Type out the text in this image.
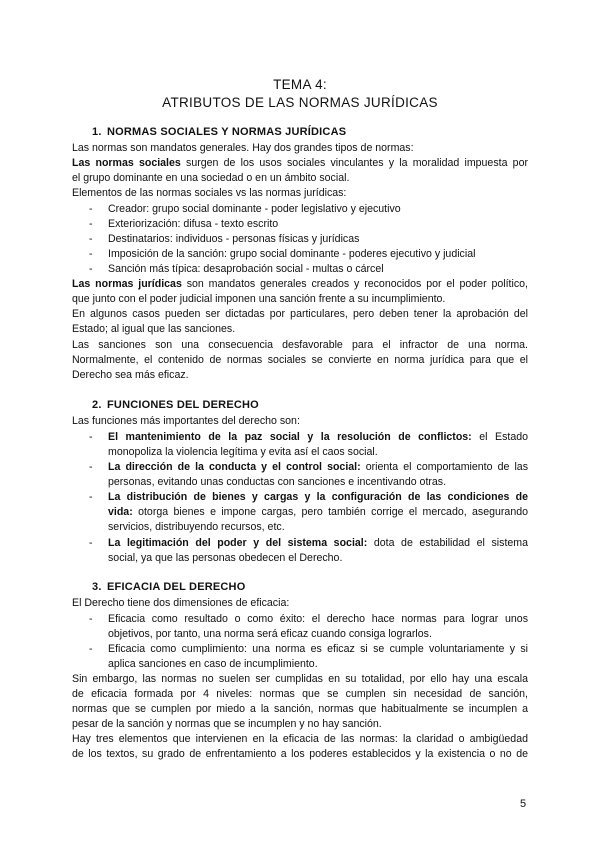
TEMA 4:
ATRIBUTOS DE LAS NORMAS JURÍDICAS
1. NORMAS SOCIALES Y NORMAS JURÍDICAS
Las normas son mandatos generales. Hay dos grandes tipos de normas:
Las normas sociales surgen de los usos sociales vinculantes y la moralidad impuesta por
el grupo dominante en una sociedad o en un ámbito social.
Elementos de las normas sociales vs las normas jurídicas:
- Creador: grupo social dominante - poder legislativo y ejecutivo
- Exteriorización: difusa - texto escrito
- Destinatarios: individuos - personas físicas y jurídicas
- Imposición de la sanción: grupo social dominante - poderes ejecutivo y judicial
- Sanción más típica: desaprobación social - multas o cárcel
Las normas jurídicas son mandatos generales creados y reconocidos por el poder político,
que junto con el poder judicial imponen una sanción frente a su incumplimiento.
En algunos casos pueden ser dictadas por particulares, pero deben tener la aprobación del
Estado; al igual que las sanciones.
Las sanciones son una consecuencia desfavorable para el infractor de una norma.
Normalmente, el contenido de normas sociales se convierte en norma jurídica para que el
Derecho sea más eficaz.
2. FUNCIONES DEL DERECHO
Las funciones más importantes del derecho son:
- El mantenimiento de la paz social y la resolución de conflictos: el Estado
monopoliza la violencia legítima y evita así el caos social.
- La dirección de la conducta y el control social: orienta el comportamiento de las
personas, evitando unas conductas con sanciones e incentivando otras.
- La distribución de bienes y cargas y la configuración de las condiciones de
vida: otorga bienes e impone cargas, pero también corrige el mercado, asegurando
servicios, distribuyendo recursos, etc.
- La legitimación del poder y del sistema social: dota de estabilidad el sistema
social, ya que las personas obedecen el Derecho.
3. EFICACIA DEL DERECHO
El Derecho tiene dos dimensiones de eficacia:
- Eficacia como resultado o como éxito: el derecho hace normas para lograr unos
objetivos, por tanto, una norma será eficaz cuando consiga lograrlos.
- Eficacia como cumplimiento: una norma es eficaz si se cumple voluntariamente y si
aplica sanciones en caso de incumplimiento.
Sin embargo, las normas no suelen ser cumplidas en su totalidad, por ello hay una escala
de eficacia formada por 4 niveles: normas que se cumplen sin necesidad de sanción,
normas que se cumplen por miedo a la sanción, normas que habitualmente se incumplen a
pesar de la sanción y normas que se incumplen y no hay sanción.
Hay tres elementos que intervienen en la eficacia de las normas: la claridad o ambigüedad
de los textos, su grado de enfrentamiento a los poderes establecidos y la existencia o no de
5
